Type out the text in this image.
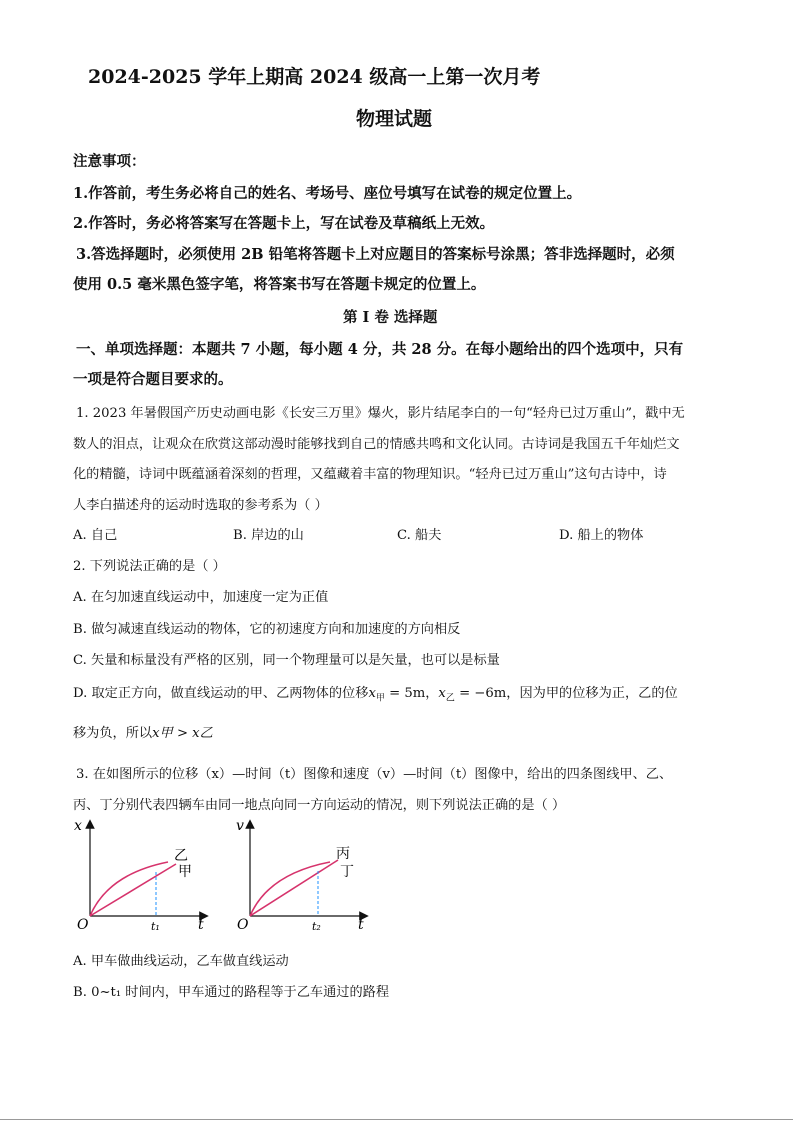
2024-2025 学年上期高 2024 级高一上第一次月考
物理试题
注意事项：
1.作答前，考生务必将自己的姓名、考场号、座位号填写在试卷的规定位置上。
2.作答时，务必将答案写在答题卡上，写在试卷及草稿纸上无效。
3.答选择题时，必须使用 2B 铅笔将答题卡上对应题目的答案标号涂黑；答非选择题时，必须
使用 0.5 毫米黑色签字笔，将答案书写在答题卡规定的位置上。
第 I 卷 选择题
一、单项选择题：本题共 7 小题，每小题 4 分，共 28 分。在每小题给出的四个选项中，只有
一项是符合题目要求的。
1. 2023 年暑假国产历史动画电影《长安三万里》爆火，影片结尾李白的一句“轻舟已过万重山”，戳中无
数人的泪点，让观众在欣赏这部动漫时能够找到自己的情感共鸣和文化认同。古诗词是我国五千年灿烂文
化的精髓，诗词中既蕴涵着深刻的哲理，又蕴藏着丰富的物理知识。“轻舟已过万重山”这句古诗中，诗
人李白描述舟的运动时选取的参考系为（ ）
A. 自己	B. 岸边的山	C. 船夫	D. 船上的物体
2. 下列说法正确的是（ ）
A. 在匀加速直线运动中，加速度一定为正值
B. 做匀减速直线运动的物体，它的初速度方向和加速度的方向相反
C. 矢量和标量没有严格的区别，同一个物理量可以是矢量，也可以是标量
D. 取定正方向，做直线运动的甲、乙两物体的位移$x_甲 = 5m$，$x_乙 = -6m$，因为甲的位移为正，乙的位
移为负，所以x甲 > x乙
3. 在如图所示的位移（x）—时间（t）图像和速度（v）—时间（t）图像中，给出的四条图线甲、乙、
丙、丁分别代表四辆车由同一地点向同一方向运动的情况，则下列说法正确的是（ ）
x
t
O	t₁
乙
甲
v
t
O	t₂
丙
丁
A. 甲车做曲线运动，乙车做直线运动
B. 0~t₁ 时间内，甲车通过的路程等于乙车通过的路程
